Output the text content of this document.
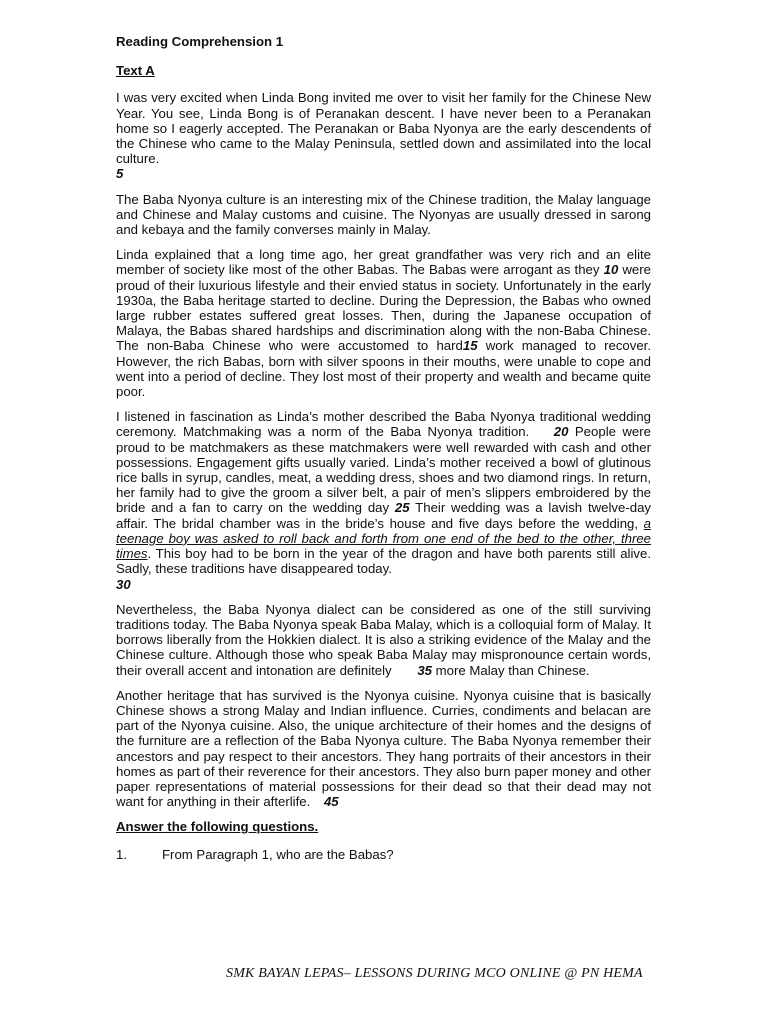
Reading Comprehension 1
Text A
I was very excited when Linda Bong invited me over to visit her family for the Chinese New Year. You see, Linda Bong is of Peranakan descent. I have never been to a Peranakan home so I eagerly accepted. The Peranakan or Baba Nyonya are the early descendents of the Chinese who came to the Malay Peninsula, settled down and assimilated into the local culture.
5
The Baba Nyonya culture is an interesting mix of the Chinese tradition, the Malay language and Chinese and Malay customs and cuisine. The Nyonyas are usually dressed in sarong and kebaya and the family converses mainly in Malay.
Linda explained that a long time ago, her great grandfather was very rich and an elite member of society like most of the other Babas. The Babas were arrogant as they 10 were proud of their luxurious lifestyle and their envied status in society. Unfortunately in the early 1930a, the Baba heritage started to decline. During the Depression, the Babas who owned large rubber estates suffered great losses. Then, during the Japanese occupation of Malaya, the Babas shared hardships and discrimination along with the non-Baba Chinese. The non-Baba Chinese who were accustomed to hard15 work managed to recover. However, the rich Babas, born with silver spoons in their mouths, were unable to cope and went into a period of decline. They lost most of their property and wealth and became quite poor.
I listened in fascination as Linda’s mother described the Baba Nyonya traditional wedding ceremony. Matchmaking was a norm of the Baba Nyonya tradition. 20 People were proud to be matchmakers as these matchmakers were well rewarded with cash and other possessions. Engagement gifts usually varied. Linda’s mother received a bowl of glutinous rice balls in syrup, candles, meat, a wedding dress, shoes and two diamond rings. In return, her family had to give the groom a silver belt, a pair of men’s slippers embroidered by the bride and a fan to carry on the wedding day 25 Their wedding was a lavish twelve-day affair. The bridal chamber was in the bride’s house and five days before the wedding, a teenage boy was asked to roll back and forth from one end of the bed to the other, three times. This boy had to be born in the year of the dragon and have both parents still alive. Sadly, these traditions have disappeared today.
30
Nevertheless, the Baba Nyonya dialect can be considered as one of the still surviving traditions today. The Baba Nyonya speak Baba Malay, which is a colloquial form of Malay. It borrows liberally from the Hokkien dialect. It is also a striking evidence of the Malay and the Chinese culture. Although those who speak Baba Malay may mispronounce certain words, their overall accent and intonation are definitely 35 more Malay than Chinese.
Another heritage that has survived is the Nyonya cuisine. Nyonya cuisine that is basically Chinese shows a strong Malay and Indian influence. Curries, condiments and belacan are part of the Nyonya cuisine. Also, the unique architecture of their homes and the designs of the furniture are a reflection of the Baba Nyonya culture. The Baba Nyonya remember their ancestors and pay respect to their ancestors. They hang portraits of their ancestors in their homes as part of their reverence for their ancestors. They also burn paper money and other paper representations of material possessions for their dead so that their dead may not want for anything in their afterlife. 45
Answer the following questions.
1.	From Paragraph 1, who are the Babas?
SMK BAYAN LEPAS– LESSONS DURING MCO ONLINE @ PN HEMA
